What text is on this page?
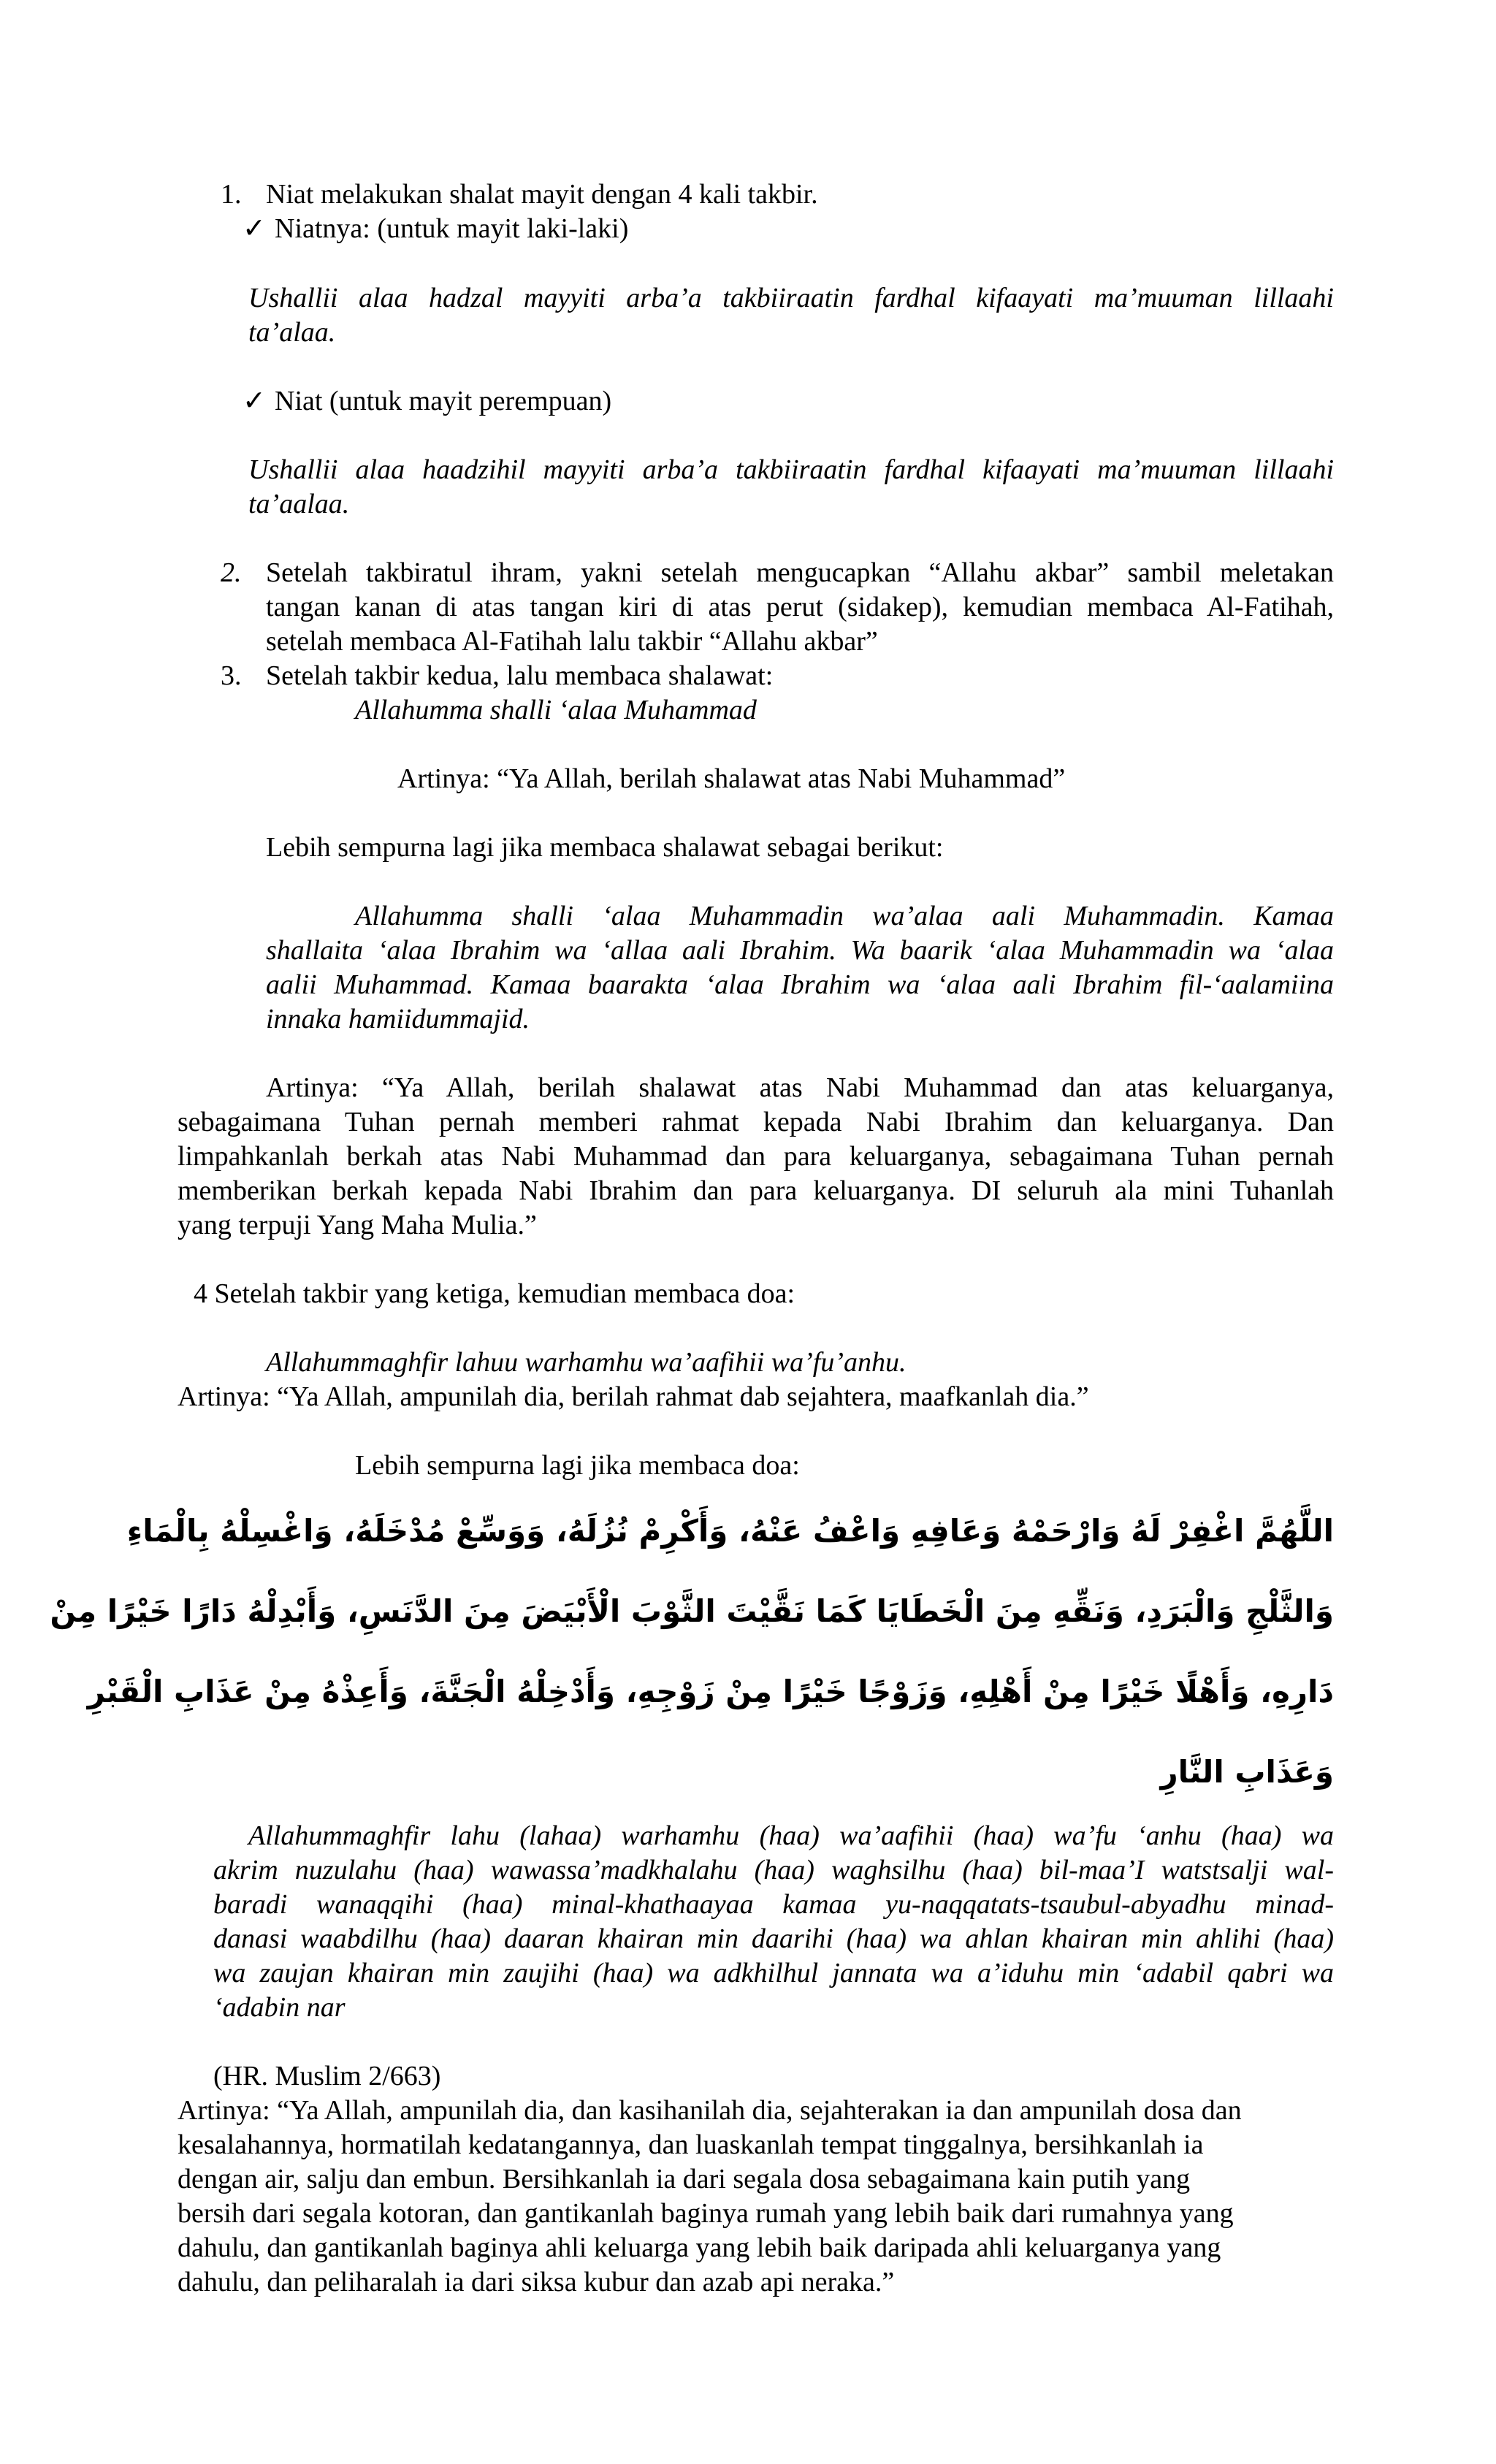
1. Niat melakukan shalat mayit dengan 4 kali takbir.
✓ Niatnya: (untuk mayit laki-laki)
Ushallii alaa hadzal mayyiti arba’a takbiiraatin fardhal kifaayati ma’muuman lillaahi
ta’alaa.
✓ Niat (untuk mayit perempuan)
Ushallii alaa haadzihil mayyiti arba’a takbiiraatin fardhal kifaayati ma’muuman lillaahi
ta’aalaa.
2. Setelah takbiratul ihram, yakni setelah mengucapkan “Allahu akbar” sambil meletakan
tangan kanan di atas tangan kiri di atas perut (sidakep), kemudian membaca Al-Fatihah,
setelah membaca Al-Fatihah lalu takbir “Allahu akbar”
3. Setelah takbir kedua, lalu membaca shalawat:
Allahumma shalli ‘alaa Muhammad
Artinya: “Ya Allah, berilah shalawat atas Nabi Muhammad”
Lebih sempurna lagi jika membaca shalawat sebagai berikut:
Allahumma shalli ‘alaa Muhammadin wa’alaa aali Muhammadin. Kamaa
shallaita ‘alaa Ibrahim wa ‘allaa aali Ibrahim. Wa baarik ‘alaa Muhammadin wa ‘alaa
aalii Muhammad. Kamaa baarakta ‘alaa Ibrahim wa ‘alaa aali Ibrahim fil-‘aalamiina
innaka hamiidummajid.
Artinya: “Ya Allah, berilah shalawat atas Nabi Muhammad dan atas keluarganya,
sebagaimana Tuhan pernah memberi rahmat kepada Nabi Ibrahim dan keluarganya. Dan
limpahkanlah berkah atas Nabi Muhammad dan para keluarganya, sebagaimana Tuhan pernah
memberikan berkah kepada Nabi Ibrahim dan para keluarganya. DI seluruh ala mini Tuhanlah
yang terpuji Yang Maha Mulia.”
4 Setelah takbir yang ketiga, kemudian membaca doa:
Allahummaghfir lahuu warhamhu wa’aafihii wa’fu’anhu.
Artinya: “Ya Allah, ampunilah dia, berilah rahmat dab sejahtera, maafkanlah dia.”
Lebih sempurna lagi jika membaca doa:
اللَّهُمَّ اغْفِرْ لَهُ وَارْحَمْهُ وَعَافِهِ وَاعْفُ عَنْهُ، وَأَكْرِمْ نُزُلَهُ، وَوَسِّعْ مُدْخَلَهُ، وَاغْسِلْهُ بِالْمَاءِ
وَالثَّلْجِ وَالْبَرَدِ، وَنَقِّهِ مِنَ الْخَطَايَا كَمَا نَقَّيْتَ الثَّوْبَ الْأَبْيَضَ مِنَ الدَّنَسِ، وَأَبْدِلْهُ دَارًا خَيْرًا مِنْ
دَارِهِ، وَأَهْلًا خَيْرًا مِنْ أَهْلِهِ، وَزَوْجًا خَيْرًا مِنْ زَوْجِهِ، وَأَدْخِلْهُ الْجَنَّةَ، وَأَعِذْهُ مِنْ عَذَابِ الْقَبْرِ
وَعَذَابِ النَّارِ
Allahummaghfir lahu (lahaa) warhamhu (haa) wa’aafihii (haa) wa’fu ‘anhu (haa) wa
akrim nuzulahu (haa) wawassa’madkhalahu (haa) waghsilhu (haa) bil-maa’I watstsalji wal-
baradi wanaqqihi (haa) minal-khathaayaa kamaa yu-naqqatats-tsaubul-abyadhu minad-
danasi waabdilhu (haa) daaran khairan min daarihi (haa) wa ahlan khairan min ahlihi (haa)
wa zaujan khairan min zaujihi (haa) wa adkhilhul jannata wa a’iduhu min ‘adabil qabri wa
‘adabin nar
(HR. Muslim 2/663)
Artinya: “Ya Allah, ampunilah dia, dan kasihanilah dia, sejahterakan ia dan ampunilah dosa dan
kesalahannya, hormatilah kedatangannya, dan luaskanlah tempat tinggalnya, bersihkanlah ia
dengan air, salju dan embun. Bersihkanlah ia dari segala dosa sebagaimana kain putih yang
bersih dari segala kotoran, dan gantikanlah baginya rumah yang lebih baik dari rumahnya yang
dahulu, dan gantikanlah baginya ahli keluarga yang lebih baik daripada ahli keluarganya yang
dahulu, dan peliharalah ia dari siksa kubur dan azab api neraka.”
